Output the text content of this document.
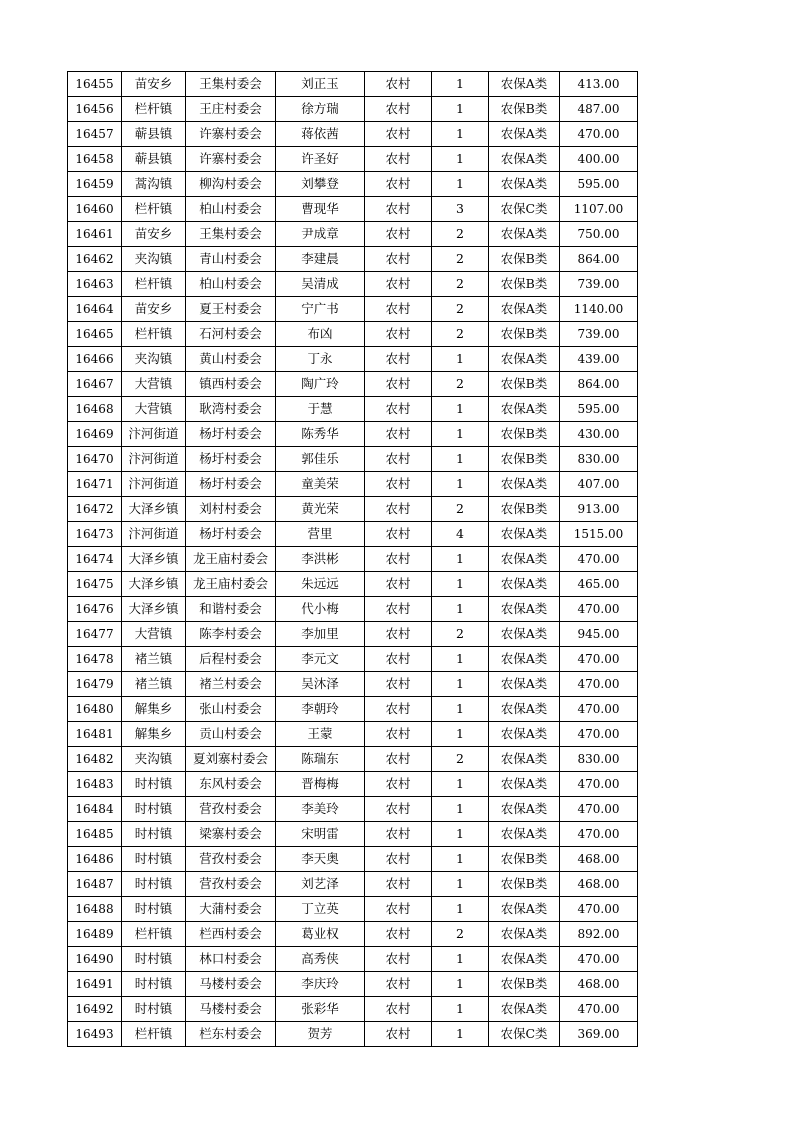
16455	苗安乡	王集村委会	刘正玉	农村	1	农保A类	413.00
16456	栏杆镇	王庄村委会	徐方瑞	农村	1	农保B类	487.00
16457	蕲县镇	许寨村委会	蒋依茜	农村	1	农保A类	470.00
16458	蕲县镇	许寨村委会	许圣好	农村	1	农保A类	400.00
16459	蒿沟镇	柳沟村委会	刘攀登	农村	1	农保A类	595.00
16460	栏杆镇	柏山村委会	曹现华	农村	3	农保C类	1107.00
16461	苗安乡	王集村委会	尹成章	农村	2	农保A类	750.00
16462	夹沟镇	青山村委会	李建晨	农村	2	农保B类	864.00
16463	栏杆镇	柏山村委会	吴清成	农村	2	农保B类	739.00
16464	苗安乡	夏王村委会	宁广书	农村	2	农保A类	1140.00
16465	栏杆镇	石河村委会	布凶	农村	2	农保B类	739.00
16466	夹沟镇	黄山村委会	丁永	农村	1	农保A类	439.00
16467	大营镇	镇西村委会	陶广玲	农村	2	农保B类	864.00
16468	大营镇	耿湾村委会	于慧	农村	1	农保A类	595.00
16469	汴河街道	杨圩村委会	陈秀华	农村	1	农保B类	430.00
16470	汴河街道	杨圩村委会	郭佳乐	农村	1	农保B类	830.00
16471	汴河街道	杨圩村委会	童美荣	农村	1	农保A类	407.00
16472	大泽乡镇	刘村村委会	黄光荣	农村	2	农保B类	913.00
16473	汴河街道	杨圩村委会	营里	农村	4	农保A类	1515.00
16474	大泽乡镇	龙王庙村委会	李洪彬	农村	1	农保A类	470.00
16475	大泽乡镇	龙王庙村委会	朱远远	农村	1	农保A类	465.00
16476	大泽乡镇	和谐村委会	代小梅	农村	1	农保A类	470.00
16477	大营镇	陈李村委会	李加里	农村	2	农保A类	945.00
16478	褚兰镇	后程村委会	李元文	农村	1	农保A类	470.00
16479	褚兰镇	褚兰村委会	吴沐泽	农村	1	农保A类	470.00
16480	解集乡	张山村委会	李朝玲	农村	1	农保A类	470.00
16481	解集乡	贡山村委会	王蒙	农村	1	农保A类	470.00
16482	夹沟镇	夏刘寨村委会	陈瑞东	农村	2	农保A类	830.00
16483	时村镇	东风村委会	晋梅梅	农村	1	农保A类	470.00
16484	时村镇	营孜村委会	李美玲	农村	1	农保A类	470.00
16485	时村镇	梁寨村委会	宋明雷	农村	1	农保A类	470.00
16486	时村镇	营孜村委会	李天奥	农村	1	农保B类	468.00
16487	时村镇	营孜村委会	刘艺泽	农村	1	农保B类	468.00
16488	时村镇	大蒲村委会	丁立英	农村	1	农保A类	470.00
16489	栏杆镇	栏西村委会	葛业权	农村	2	农保A类	892.00
16490	时村镇	林口村委会	高秀侠	农村	1	农保A类	470.00
16491	时村镇	马楼村委会	李庆玲	农村	1	农保B类	468.00
16492	时村镇	马楼村委会	张彩华	农村	1	农保A类	470.00
16493	栏杆镇	栏东村委会	贺芳	农村	1	农保C类	369.00
